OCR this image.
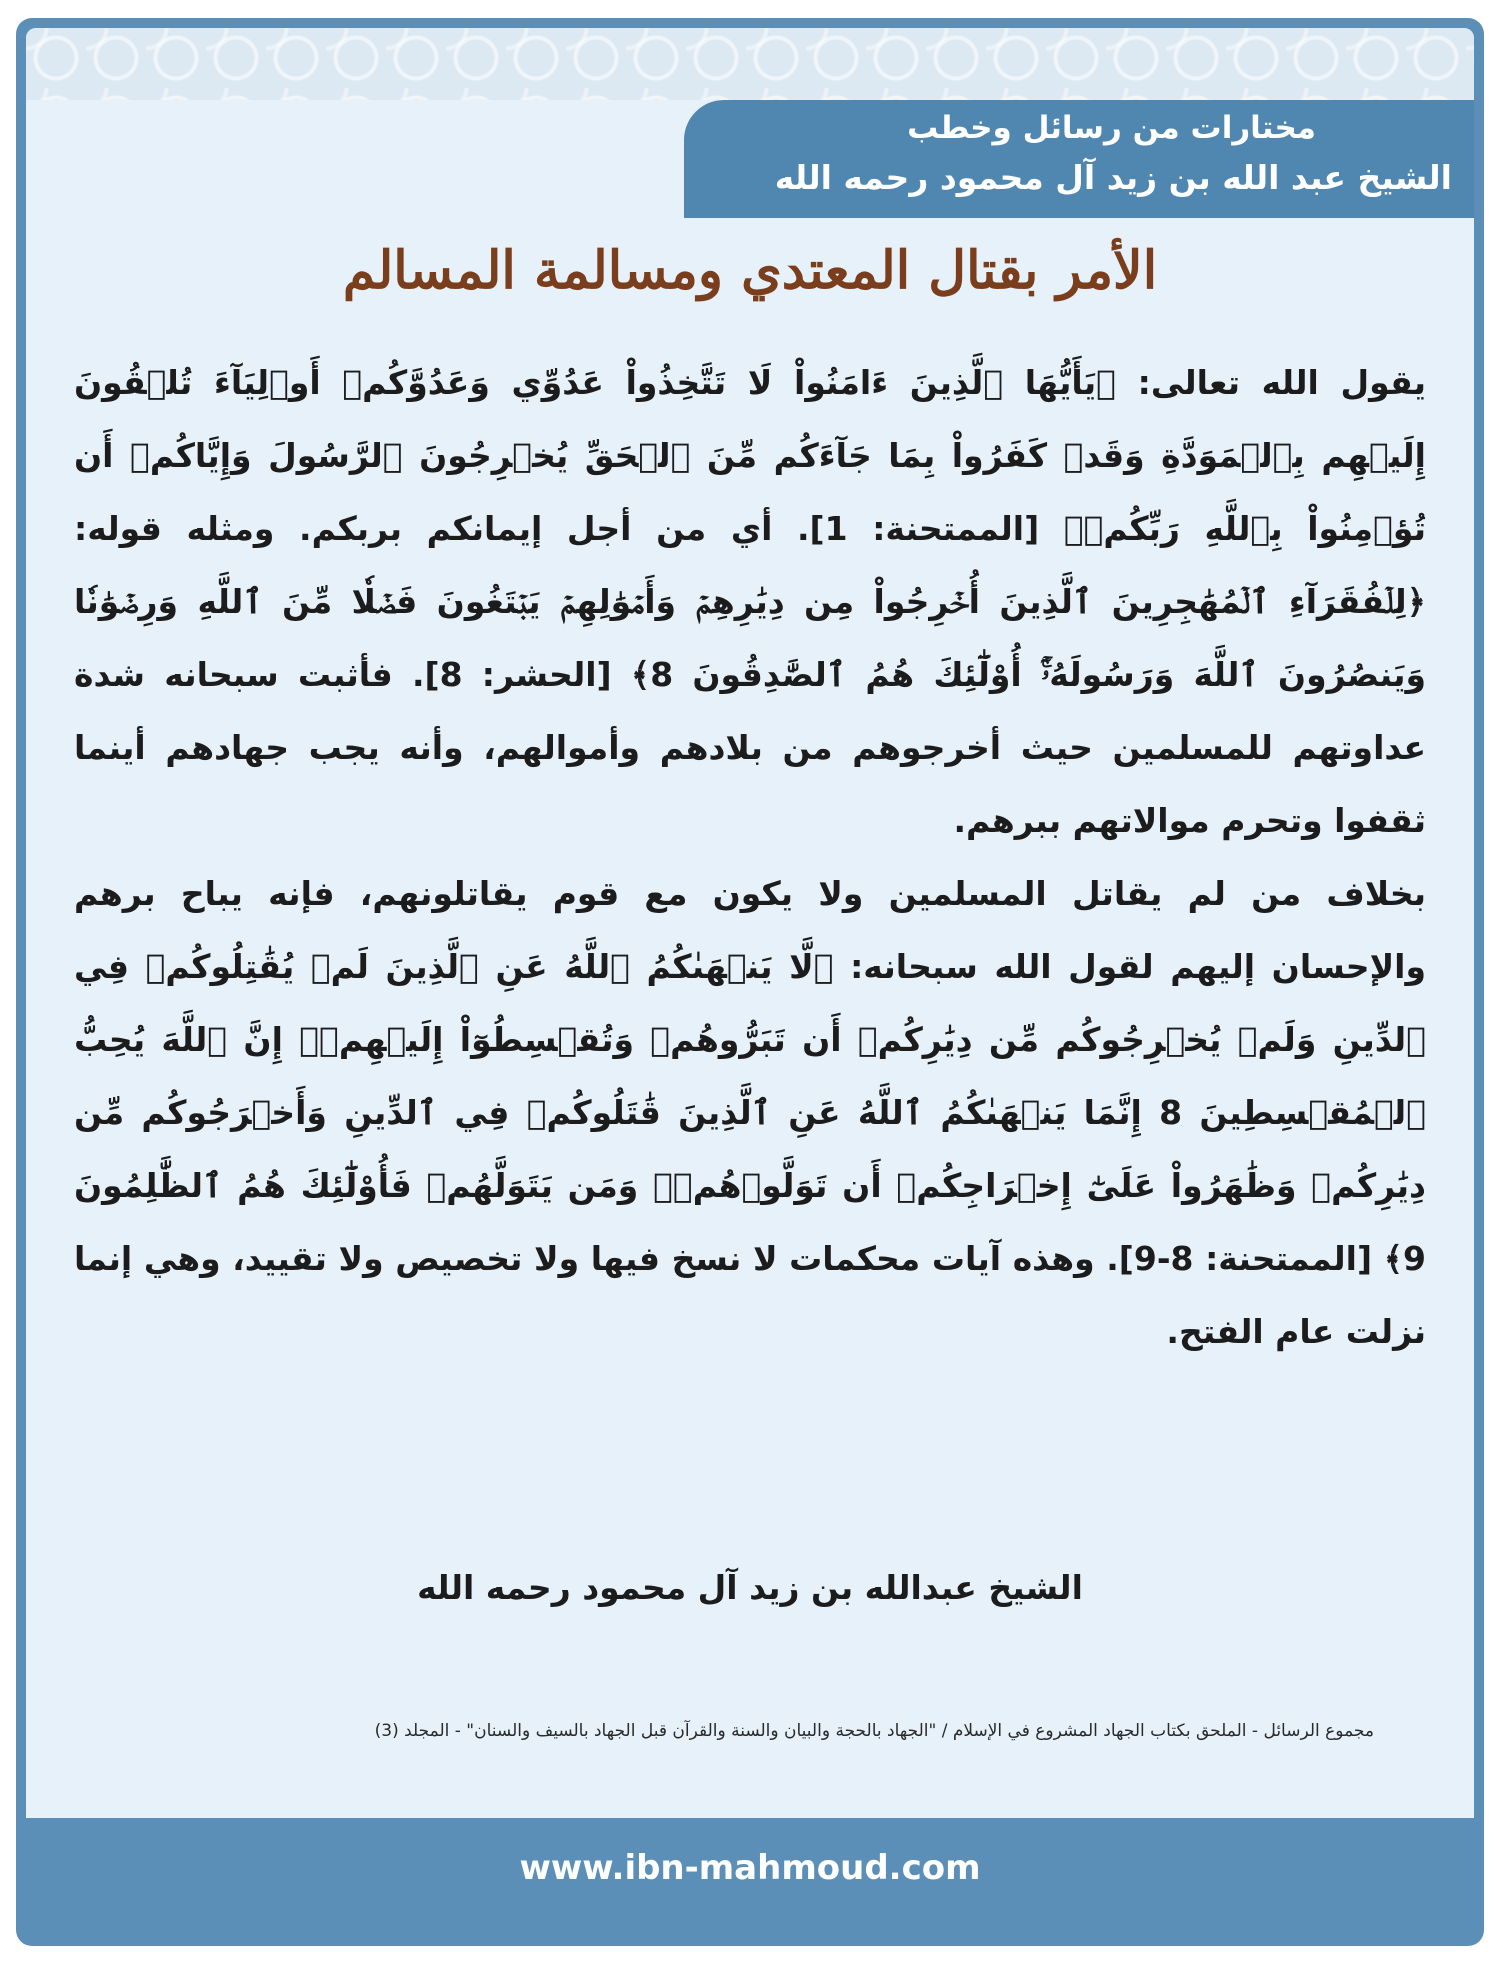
مختارات من رسائل وخطب
الشيخ عبد الله بن زيد آل محمود رحمه الله
الأمر بقتال المعتدي ومسالمة المسالم

يقول الله تعالى: ﴿يَأَيُّهَا ٱلَّذِينَ ءَامَنُواْ لَا تَتَّخِذُواْ عَدُوِّي وَعَدُوَّكُمۡ أَوۡلِيَآءَ تُلۡقُونَ إِلَيۡهِم بِٱلۡمَوَدَّةِ وَقَدۡ كَفَرُواْ بِمَا جَآءَكُم مِّنَ ٱلۡحَقِّ يُخۡرِجُونَ ٱلرَّسُولَ وَإِيَّاكُمۡ أَن تُؤۡمِنُواْ بِٱللَّهِ رَبِّكُمۡ﴾ [الممتحنة: 1]. أي من أجل إيمانكم بربكم. ومثله قوله: ﴿لِلۡفُقَرَآءِ ٱلۡمُهَٰجِرِينَ ٱلَّذِينَ أُخۡرِجُواْ مِن دِيَٰرِهِمۡ وَأَمۡوَٰلِهِمۡ يَبۡتَغُونَ فَضۡلٗا مِّنَ ٱللَّهِ وَرِضۡوَٰنٗا وَيَنصُرُونَ ٱللَّهَ وَرَسُولَهُۥٓۚ أُوْلَٰٓئِكَ هُمُ ٱلصَّٰدِقُونَ 8﴾ [الحشر: 8]. فأثبت سبحانه شدة عداوتهم للمسلمين حيث أخرجوهم من بلادهم وأموالهم، وأنه يجب جهادهم أينما ثقفوا وتحرم موالاتهم ببرهم.

بخلاف من لم يقاتل المسلمين ولا يكون مع قوم يقاتلونهم، فإنه يباح برهم والإحسان إليهم لقول الله سبحانه: ﴿لَّا يَنۡهَىٰكُمُ ٱللَّهُ عَنِ ٱلَّذِينَ لَمۡ يُقَٰتِلُوكُمۡ فِي ٱلدِّينِ وَلَمۡ يُخۡرِجُوكُم مِّن دِيَٰرِكُمۡ أَن تَبَرُّوهُمۡ وَتُقۡسِطُوٓاْ إِلَيۡهِمۡۚ إِنَّ ٱللَّهَ يُحِبُّ ٱلۡمُقۡسِطِينَ 8 إِنَّمَا يَنۡهَىٰكُمُ ٱللَّهُ عَنِ ٱلَّذِينَ قَٰتَلُوكُمۡ فِي ٱلدِّينِ وَأَخۡرَجُوكُم مِّن دِيَٰرِكُمۡ وَظَٰهَرُواْ عَلَىٰٓ إِخۡرَاجِكُمۡ أَن تَوَلَّوۡهُمۡۚ وَمَن يَتَوَلَّهُمۡ فَأُوْلَٰٓئِكَ هُمُ ٱلظَّٰلِمُونَ 9﴾ [الممتحنة: 8-9]. وهذه آيات محكمات لا نسخ فيها ولا تخصيص ولا تقييد، وهي إنما نزلت عام الفتح.

الشيخ عبدالله بن زيد آل محمود رحمه الله
مجموع الرسائل - الملحق بكتاب الجهاد المشروع في الإسلام / "الجهاد بالحجة والبيان والسنة والقرآن قبل الجهاد بالسيف والسنان" - المجلد (3)
www.ibn-mahmoud.com
